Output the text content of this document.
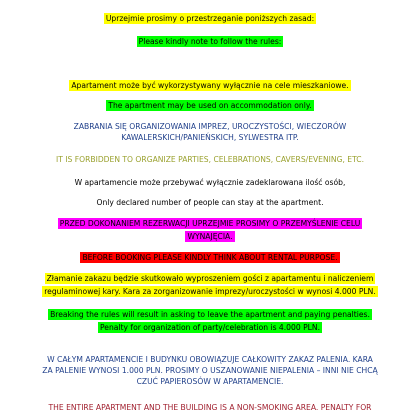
Uprzejmie prosimy o przestrzeganie poniższych zasad:
Please kindly note to follow the rules:
Apartament może być wykorzystywany wyłącznie na cele mieszkaniowe.
The apartment may be used on accommodation only.
ZABRANIA SIĘ ORGANIZOWANIA IMPREZ, UROCZYSTOŚCI, WIECZORÓW
KAWALERSKICH/PANIEŃSKICH, SYLWESTRA ITP.
IT IS FORBIDDEN TO ORGANIZE PARTIES, CELEBRATIONS, CAVERS/EVENING, ETC.
W apartamencie może przebywać wyłącznie zadeklarowana ilość osób,
Only declared number of people can stay at the apartment.
PRZED DOKONANIEM REZERWACJI UPRZEJMIE PROSIMY O PRZEMYŚLENIE CELU
WYNAJĘCIA.
BEFORE BOOKING PLEASE KINDLY THINK ABOUT RENTAL PURPOSE.
Złamanie zakazu będzie skutkowało wyproszeniem gości z apartamentu i naliczeniem
regulaminowej kary. Kara za zorganizowanie imprezy/uroczystości w wynosi 4.000 PLN.
Breaking the rules will result in asking to leave the apartment and paying penalties.
Penalty for organization of party/celebration is 4.000 PLN.
W CAŁYM APARTAMENCIE I BUDYNKU OBOWIĄZUJE CAŁKOWITY ZAKAZ PALENIA. KARA
ZA PALENIE WYNOSI 1.000 PLN. PROSIMY O USZANOWANIE NIEPALENIA – INNI NIE CHCĄ
CZUĆ PAPIEROSÓW W APARTAMENCIE.
THE ENTIRE APARTMENT AND THE BUILDING IS A NON-SMOKING AREA. PENALTY FOR
